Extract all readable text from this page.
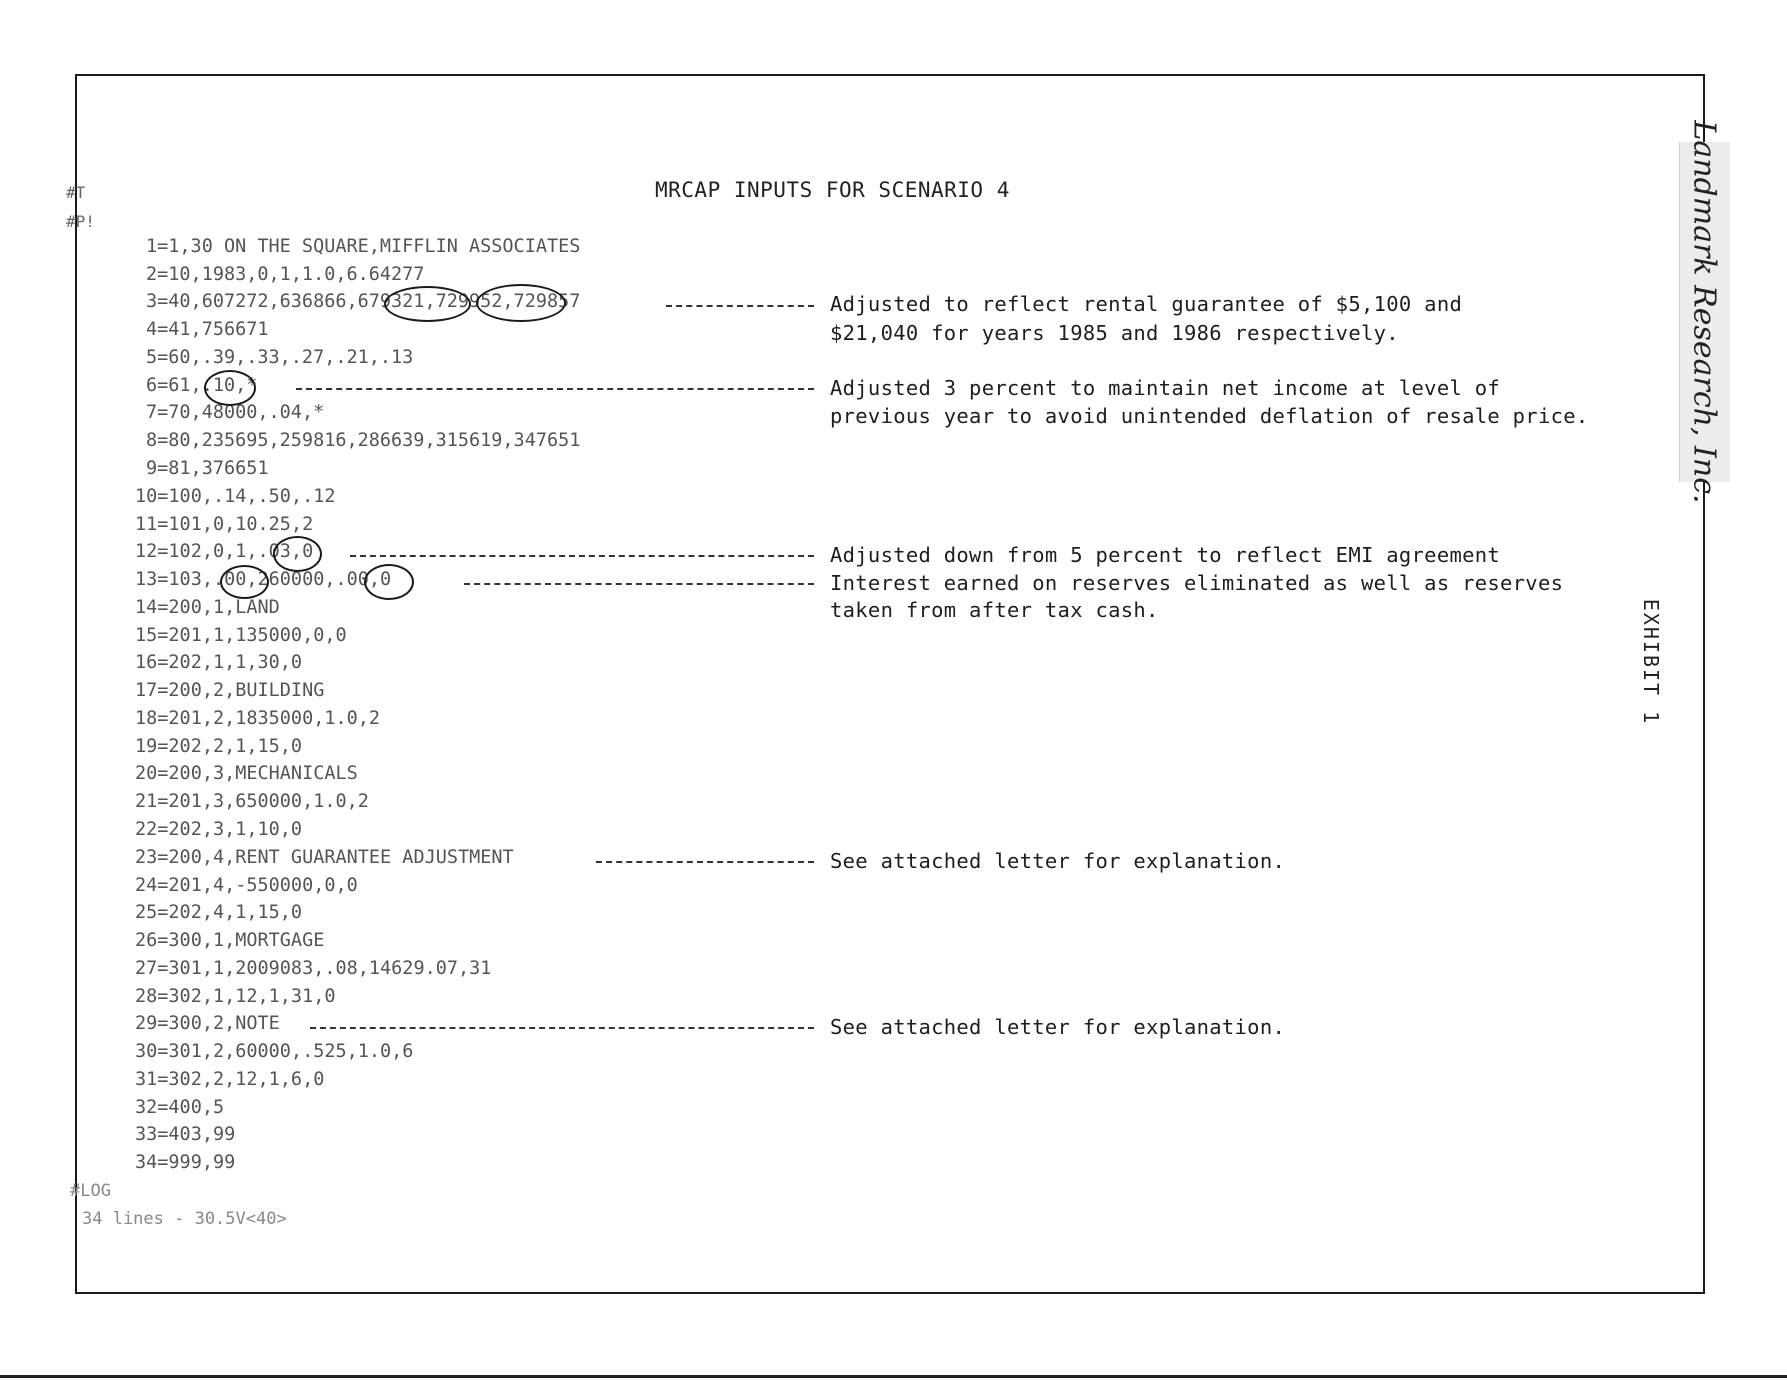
MRCAP INPUTS FOR SCENARIO 4
#T
#P!
1=1,30 ON THE SQUARE,MIFFLIN ASSOCIATES
2=10,1983,0,1,1.0,6.64277
3=40,607272,636866,679321,729952,729857
4=41,756671
5=60,.39,.33,.27,.21,.13
6=61,.10,*
7=70,48000,.04,*
8=80,235695,259816,286639,315619,347651
9=81,376651
10=100,.14,.50,.12
11=101,0,10.25,2
12=102,0,1,.03,0
13=103,.00,260000,.00,0
14=200,1,LAND
15=201,1,135000,0,0
16=202,1,1,30,0
17=200,2,BUILDING
18=201,2,1835000,1.0,2
19=202,2,1,15,0
20=200,3,MECHANICALS
21=201,3,650000,1.0,2
22=202,3,1,10,0
23=200,4,RENT GUARANTEE ADJUSTMENT
24=201,4,-550000,0,0
25=202,4,1,15,0
26=300,1,MORTGAGE
27=301,1,2009083,.08,14629.07,31
28=302,1,12,1,31,0
29=300,2,NOTE
30=301,2,60000,.525,1.0,6
31=302,2,12,1,6,0
32=400,5
33=403,99
34=999,99
Adjusted to reflect rental guarantee of $5,100 and
$21,040 for years 1985 and 1986 respectively.
Adjusted 3 percent to maintain net income at level of
previous year to avoid unintended deflation of resale price.
Adjusted down from 5 percent to reflect EMI agreement
Interest earned on reserves eliminated as well as reserves
taken from after tax cash.
See attached letter for explanation.
See attached letter for explanation.
#LOG
34 lines - 30.5V<40>
Landmark Research, Inc.
EXHIBIT 1
